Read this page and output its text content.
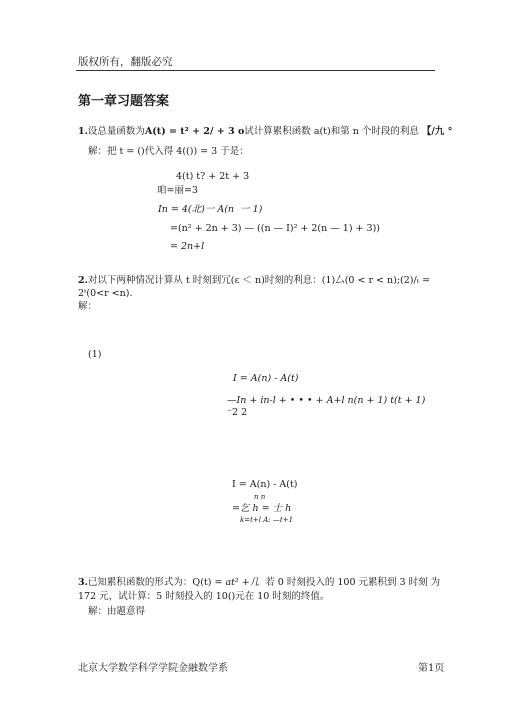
版权所有，翻版必究
第一章习题答案
1.设总量函数为A(t) = t² + 2/ + 3 o试计算累积函数 a(t)和第 n 个时段的利息 【/九 °
解：把 t = ()代入得 4(()) = 3 于是：
4(t) t? + 2t + 3
咱=丽=3
In = 4(北)一 A(n 一 1)
=(n² + 2n + 3) — ((n — I)² + 2(n — 1) + 3))
= 2n+l
2.对以下两种情况计算从 t 时刻到冗(ε ＜ n)时刻的利息：(1)厶(0 < r < n);(2)/ₜ =
2ᵗ(0<r <n).
解：
(1)
I = A(n) - A(t)
—In + in-l + • • • + A+l n(n + 1) t(t + 1)
⁻2 2
I = A(n) - A(t)
n n
=乞 h = 士 h
k=t+l A: —t+1
3.已知累积函数的形式为：Q(t) = at² +几 若 0 时刻投入的 100 元累积到 3 时刻 为
172 元，试计算：5 时刻投入的 10()元在 10 时刻的终值。
解：由题意得
北京大学数学科学学院金融数学系	第1页
